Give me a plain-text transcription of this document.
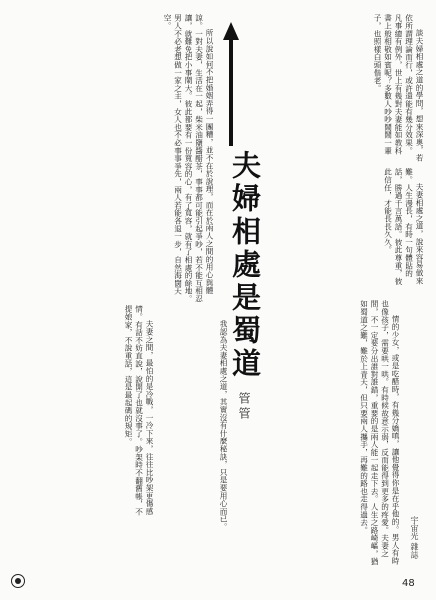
談夫婦相處之道的學問，想來深奧，若依所謂理論而行，或許還能有幾分效果。凡事總有例外，世上有幾對夫妻能如教科書上般相敬如賓呢？多數人吵吵鬧鬧一輩子，也照樣白頭偕老。

所以說如何不把婚姻弄得一團糟，並不在於說理，而在於兩人之間的用心與體諒。一對夫妻，生活在一起，柴米油鹽醬醋茶，事事都可能引起爭吵，若不能互相忍讓，就難免把小事鬧大。彼此都要有一份寬容的心，有了寬容，就有了相處的餘地。男人不必老想做一家之主，女人也不必事事爭先，兩人若能各退一步，自然海闊天空。

夫妻相處之道，說來容易做來難。人生漫長，有時一句體貼的話，勝過千言萬語。彼此尊重，彼此信任，才能長長久久。

夫妻之間，最怕的是冷戰，一冷下來，往往比吵架更傷感情。有話不妨直說，說開了也就沒事了。吵架時不翻舊帳，不提娘家，不說重話，這是最起碼的規矩。	我認為夫妻相處之道，其實沒有什麼秘訣，只是要用心而已。	情的少女，或是吃醋時，有幾分嬌嗔，讓他覺得你是在乎他的。男人有時也像孩子，需要哄一哄。有時候故意示弱，反而能得到更多的疼愛。夫妻之間，不一定要分出誰對誰錯，重要的是兩人能一起走下去。人生之路崎嶇，猶如蜀道之難，難於上青天，但只要兩人攜手，再難的路也走得過去。

夫婦相處是蜀道
管管
宇宙光 雜誌
48
